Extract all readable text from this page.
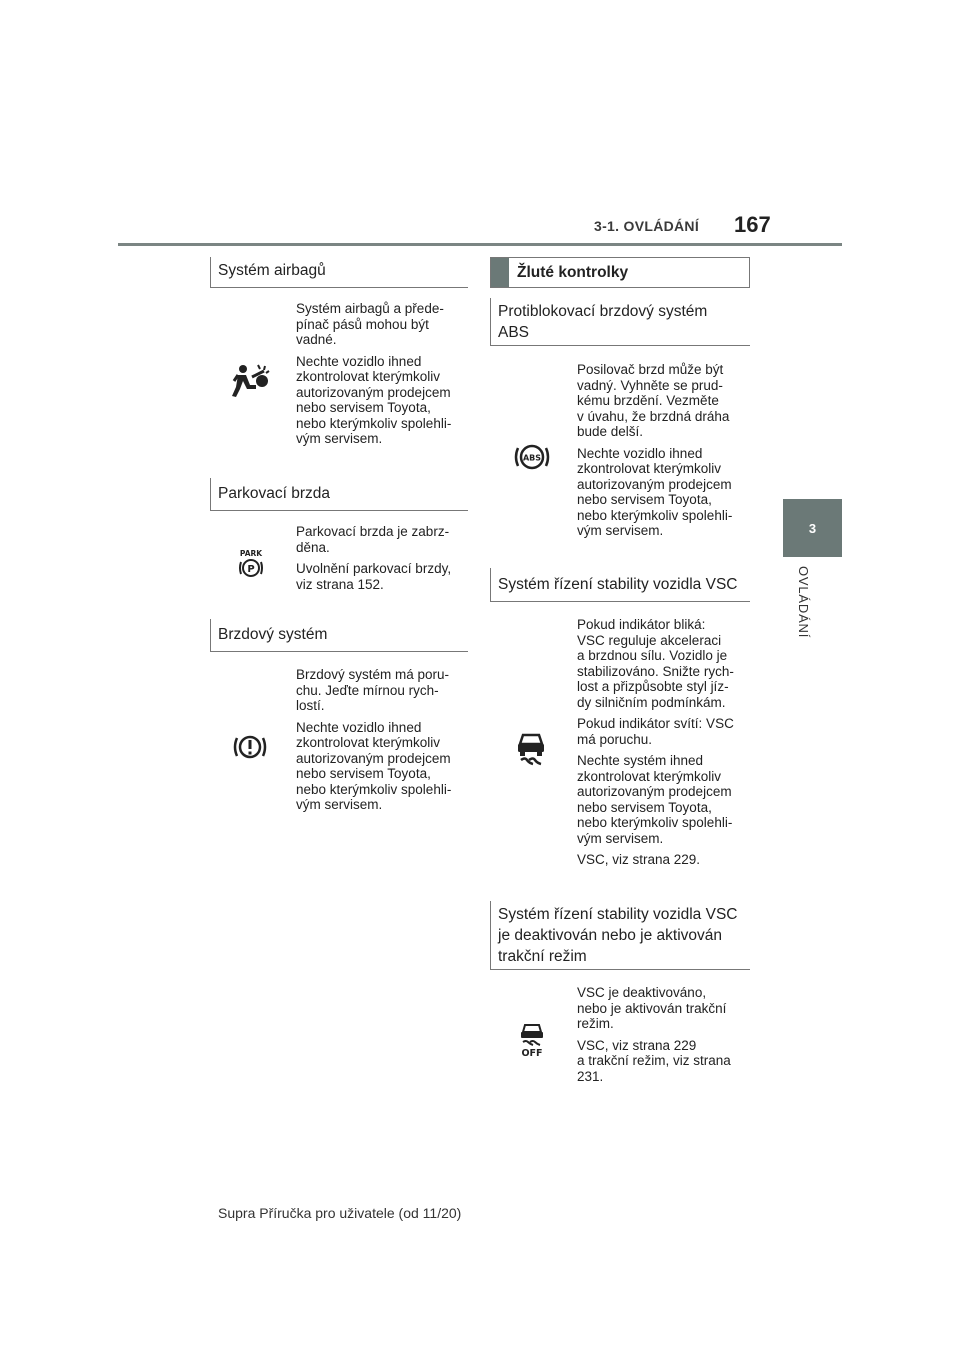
3-1. OVLÁDÁNÍ 167
3
OVLÁDÁNÍ
Systém airbagů

Systém airbagů a přede-
pínač pásů mohou být
vadné.

Nechte vozidlo ihned
zkontrolovat kterýmkoliv
autorizovaným prodejcem
nebo servisem Toyota,
nebo kterýmkoliv spolehli-
vým servisem.

Parkovací brzda
PARK
P

Parkovací brzda je zabrz-
děna.

Uvolnění parkovací brzdy,
viz strana 152.

Brzdový systém

Brzdový systém má poru-
chu. Jeďte mírnou rych-
lostí.

Nechte vozidlo ihned
zkontrolovat kterýmkoliv
autorizovaným prodejcem
nebo servisem Toyota,
nebo kterýmkoliv spolehli-
vým servisem.

Žluté kontrolky
Protiblokovací brzdový systém
ABS
ABS

Posilovač brzd může být
vadný. Vyhněte se prud-
kému brzdění. Vezměte
v úvahu, že brzdná dráha
bude delší.

Nechte vozidlo ihned
zkontrolovat kterýmkoliv
autorizovaným prodejcem
nebo servisem Toyota,
nebo kterýmkoliv spolehli-
vým servisem.

Systém řízení stability vozidla VSC

Pokud indikátor bliká:
VSC reguluje akceleraci
a brzdnou sílu. Vozidlo je
stabilizováno. Snižte rych-
lost a přizpůsobte styl jíz-
dy silničním podmínkám.

Pokud indikátor svítí: VSC
má poruchu.

Nechte systém ihned
zkontrolovat kterýmkoliv
autorizovaným prodejcem
nebo servisem Toyota,
nebo kterýmkoliv spolehli-
vým servisem.

VSC, viz strana 229.

Systém řízení stability vozidla VSC
je deaktivován nebo je aktivován
trakční režim
OFF

VSC je deaktivováno,
nebo je aktivován trakční
režim.

VSC, viz strana 229
a trakční režim, viz strana
231.

Supra Příručka pro uživatele (od 11/20)
